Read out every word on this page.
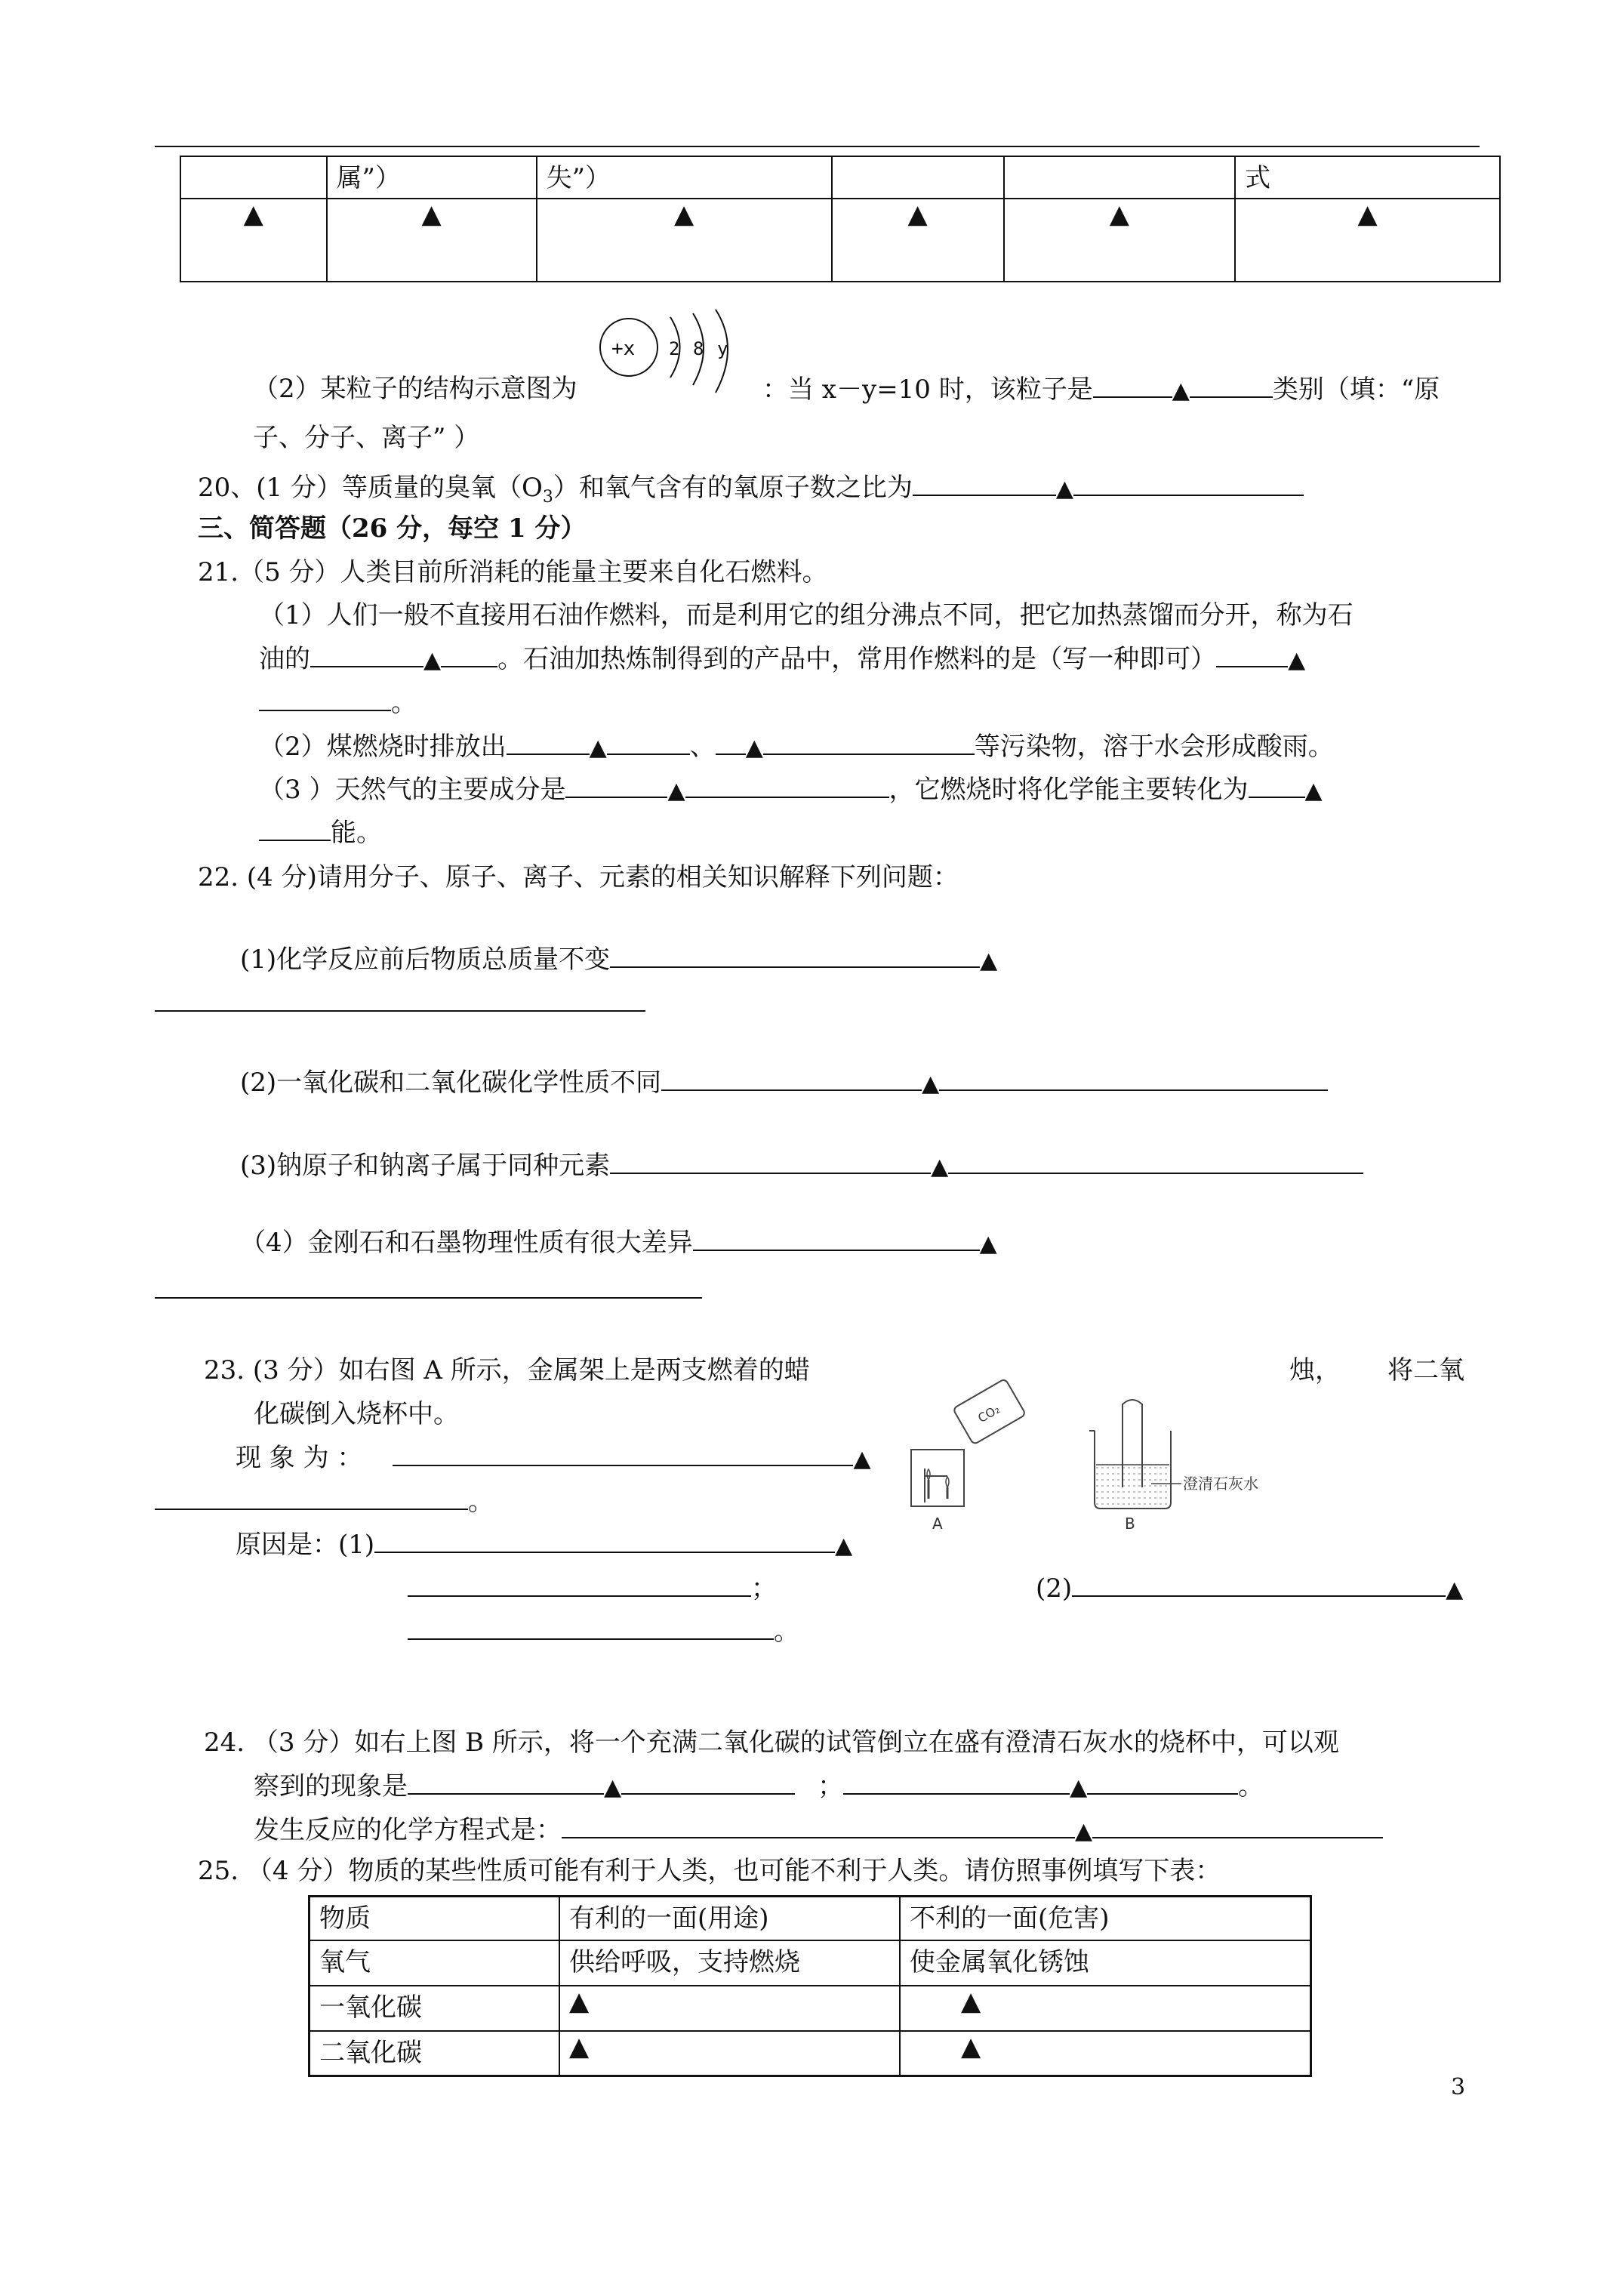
	属”）	失”）			式
▲	▲	▲	▲	▲	▲
（2）某粒子的结构示意图为
+x 2 8 y
：当 x－y=10 时，该粒子是	▲	类别（填：“原
子、分子、离子” ）
20、(1 分）等质量的臭氧$(O_3)$和氧气含有的氧原子数之比为	▲
三、简答题（26 分，每空 1 分）
21.（5 分）人类目前所消耗的能量主要来自化石燃料。
（1）人们一般不直接用石油作燃料，而是利用它的组分沸点不同，把它加热蒸馏而分开，称为石
油的	▲ 。石油加热炼制得到的产品中，常用作燃料的是（写一种即可）	▲
。
（2）煤燃烧时排放出	▲	、 ▲	等污染物，溶于水会形成酸雨。
（3 ）天然气的主要成分是	▲	，它燃烧时将化学能主要转化为	▲
能。
22. (4 分)请用分子、原子、离子、元素的相关知识解释下列问题：
(1)化学反应前后物质总质量不变	▲
(2)一氧化碳和二氧化碳化学性质不同	▲
(3)钠原子和钠离子属于同种元素	▲
（4）金刚石和石墨物理性质有很大差异	▲
23. (3 分）如右图 A 所示，金属架上是两支燃着的蜡	烛， 将二氧
化碳倒入烧杯中。
现 象 为 ：	▲
。
原因是：(1)	▲
；	(2)	▲
。
CO₂
A
澄清石灰水
B
24. （3 分）如右上图 B 所示，将一个充满二氧化碳的试管倒立在盛有澄清石灰水的烧杯中，可以观
察到的现象是	▲	；	▲	。
发生反应的化学方程式是：	▲
25. （4 分）物质的某些性质可能有利于人类，也可能不利于人类。请仿照事例填写下表：
物质	有利的一面(用途)	不利的一面(危害)
氧气	供给呼吸，支持燃烧	使金属氧化锈蚀
一氧化碳	▲	▲
二氧化碳	▲	▲
3
